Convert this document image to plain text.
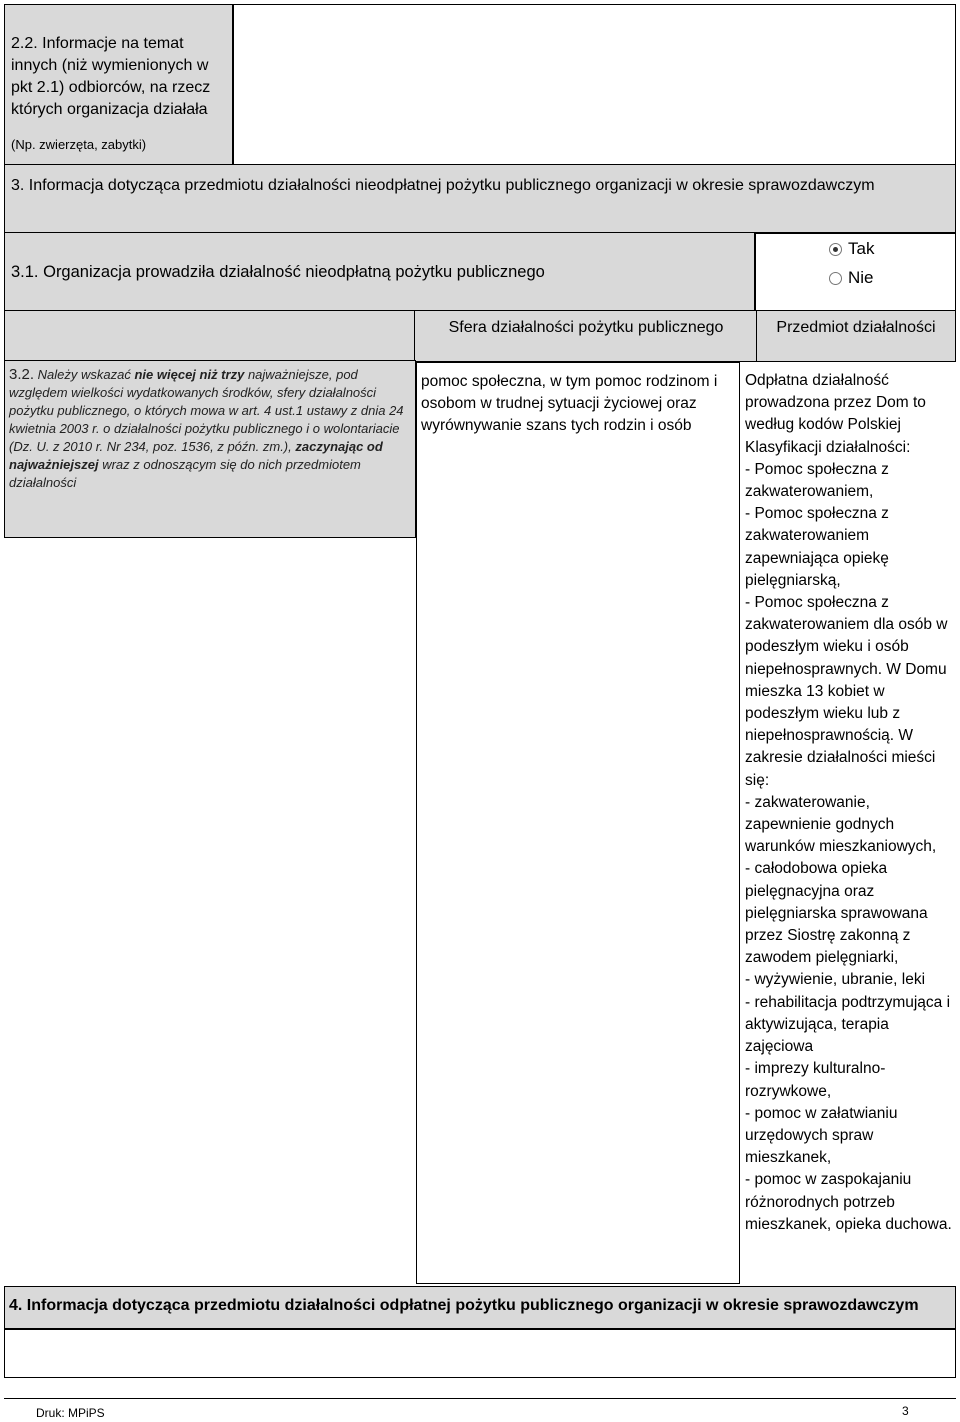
2.2. Informacje na temat innych (niż wymienionych w pkt 2.1) odbiorców, na rzecz których organizacja działała
(Np. zwierzęta, zabytki)
3. Informacja dotycząca przedmiotu działalności nieodpłatnej pożytku publicznego organizacji w okresie sprawozdawczym
3.1. Organizacja prowadziła działalność nieodpłatną pożytku publicznego
Tak
Nie
Sfera działalności pożytku publicznego	Przedmiot działalności
3.2. Należy wskazać nie więcej niż trzy najważniejsze, pod względem wielkości wydatkowanych środków, sfery działalności pożytku publicznego, o których mowa w art. 4 ust.1 ustawy z dnia 24 kwietnia 2003 r. o działalności pożytku publicznego i o wolontariacie (Dz. U. z 2010 r. Nr 234, poz. 1536, z późn. zm.), zaczynając od najważniejszej wraz z odnoszącym się do nich przedmiotem działalności
pomoc społeczna, w tym pomoc rodzinom i osobom w trudnej sytuacji życiowej oraz wyrównywanie szans tych rodzin i osób
Odpłatna działalność prowadzona przez Dom to według kodów Polskiej Klasyfikacji działalności:
- Pomoc społeczna z zakwaterowaniem,
- Pomoc społeczna z zakwaterowaniem zapewniająca opiekę pielęgniarską,
- Pomoc społeczna z zakwaterowaniem dla osób w podeszłym wieku i osób niepełnosprawnych. W Domu mieszka 13 kobiet w podeszłym wieku lub z niepełnosprawnością. W zakresie działalności mieści się:
- zakwaterowanie, zapewnienie godnych warunków mieszkaniowych,
- całodobowa opieka pielęgnacyjna oraz pielęgniarska sprawowana przez Siostrę zakonną z zawodem pielęgniarki,
- wyżywienie, ubranie, leki
- rehabilitacja podtrzymująca i aktywizująca, terapia zajęciowa
- imprezy kulturalno-rozrywkowe,
- pomoc w załatwianiu urzędowych spraw mieszkanek,
- pomoc w zaspokajaniu różnorodnych potrzeb mieszkanek, opieka duchowa.
4. Informacja dotycząca przedmiotu działalności odpłatnej pożytku publicznego organizacji w okresie sprawozdawczym
Druk: MPiPS	3
